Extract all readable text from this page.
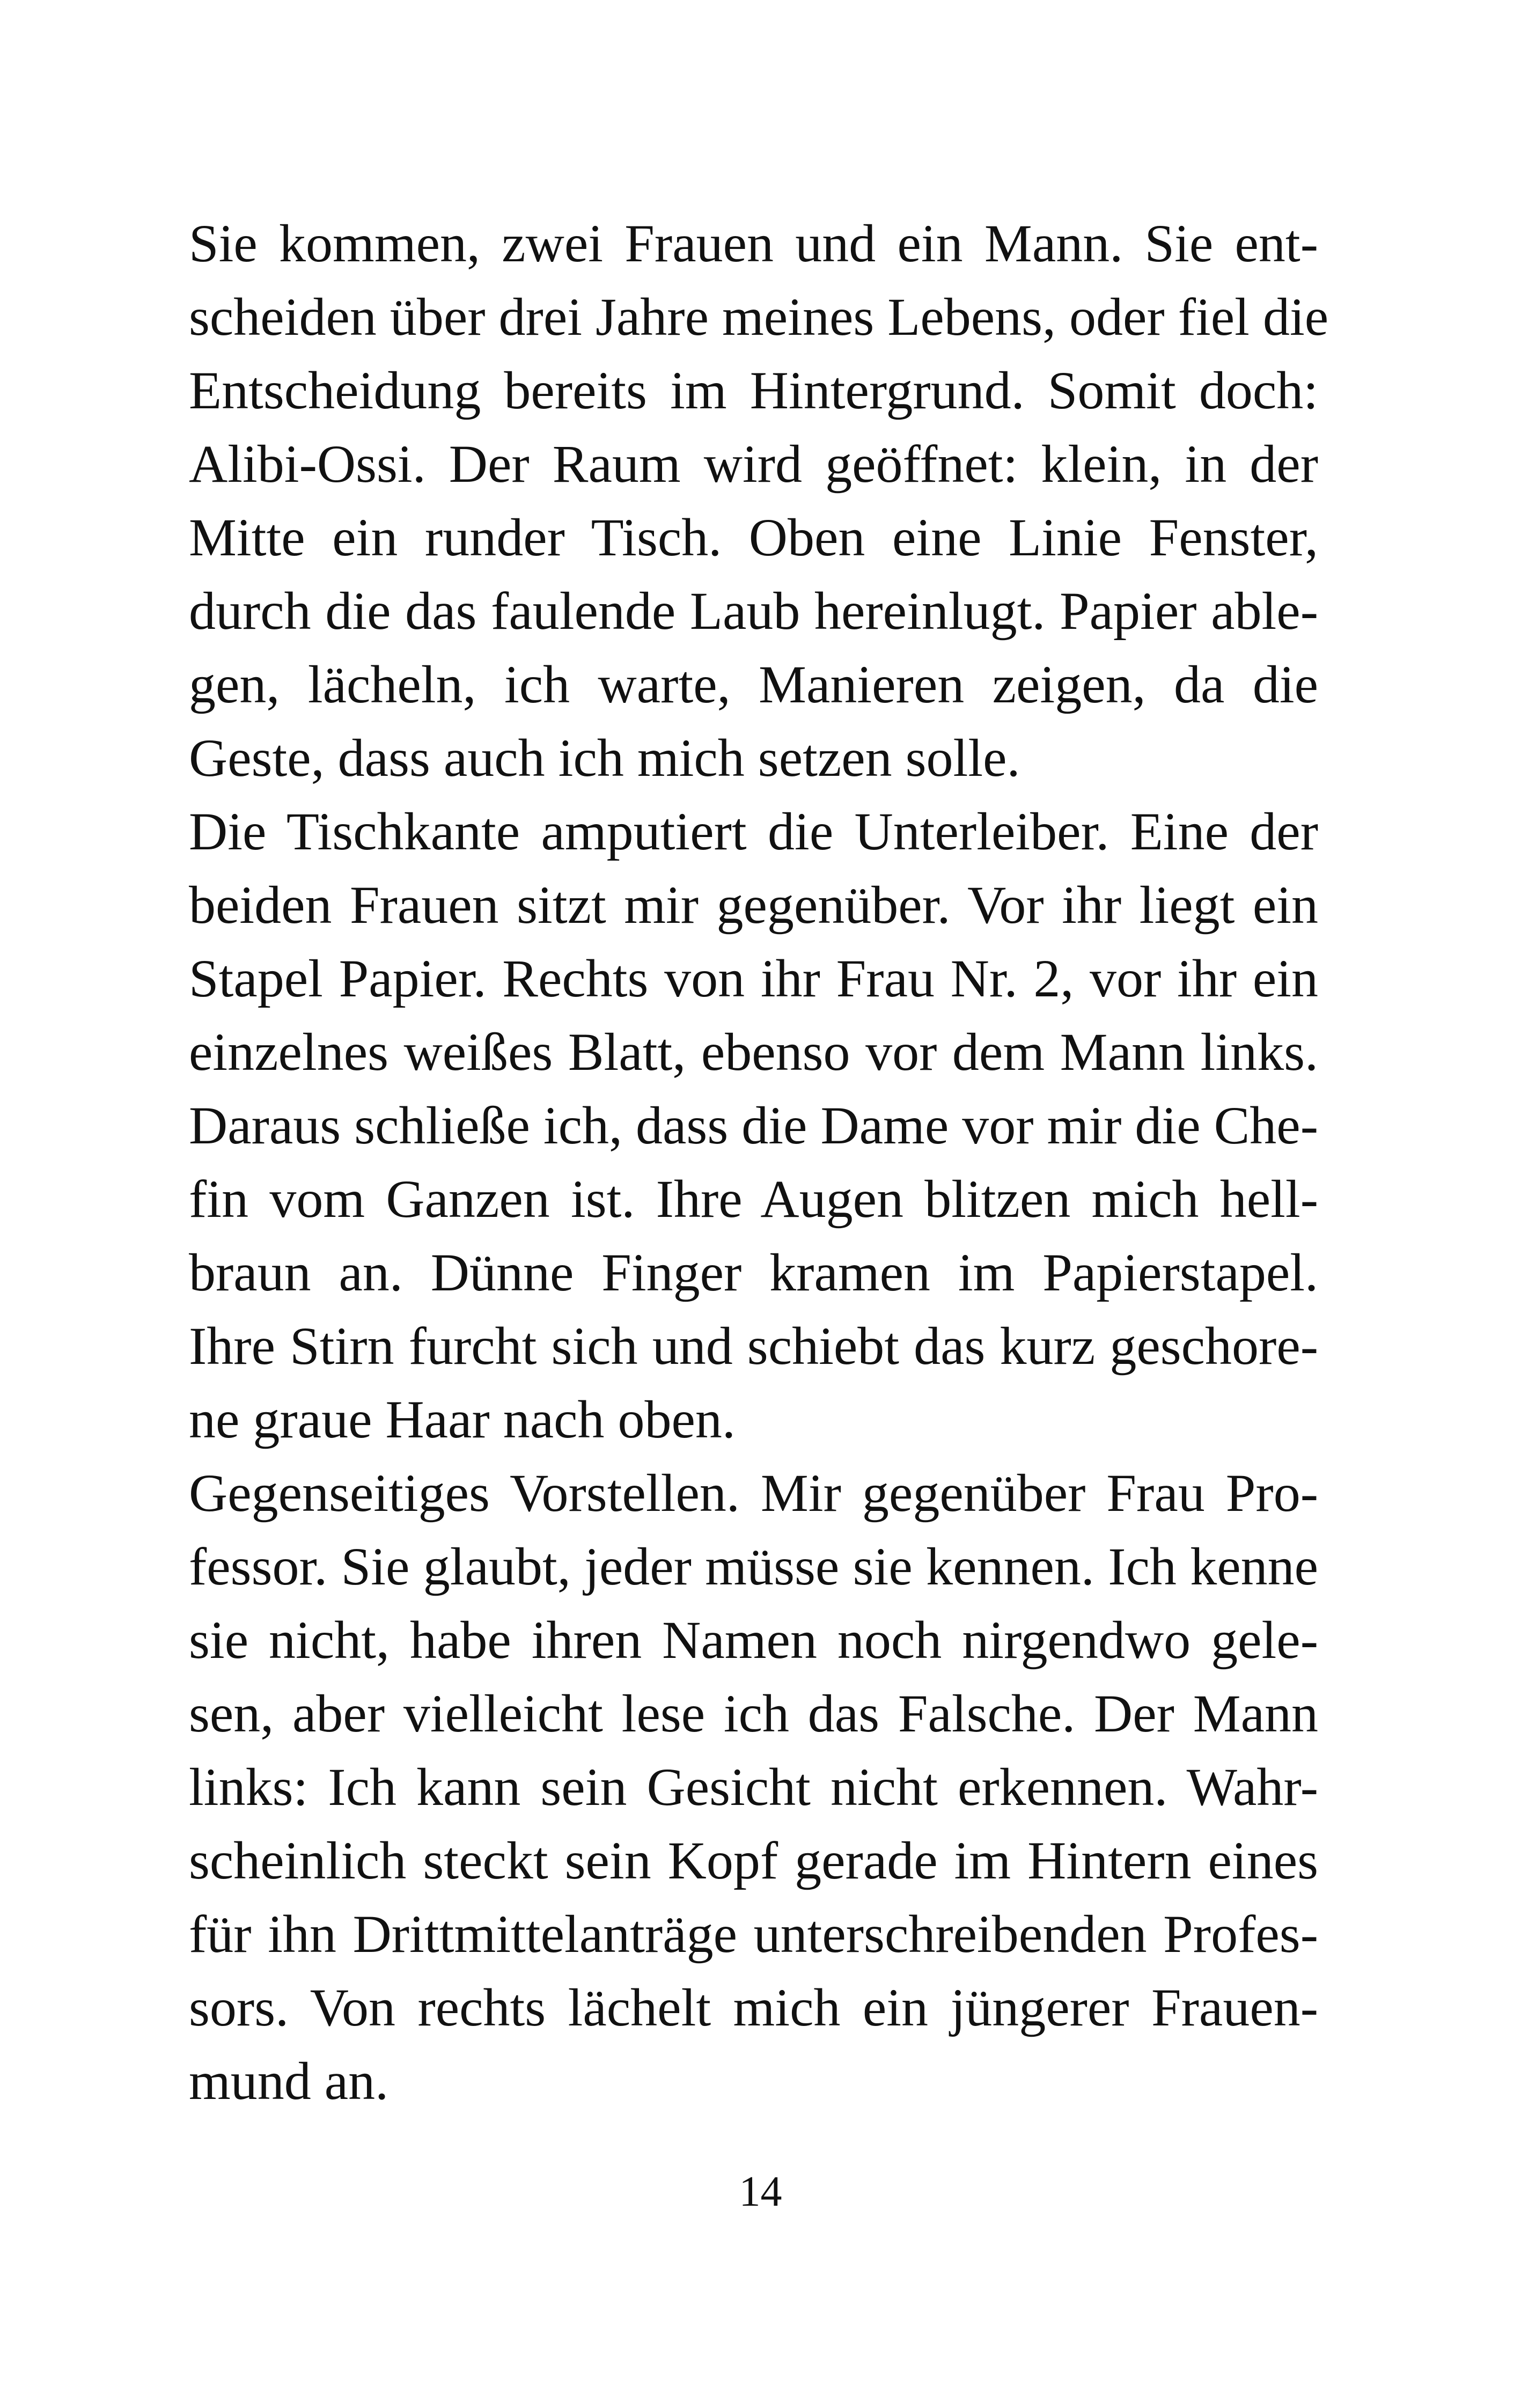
Sie kommen, zwei Frauen und ein Mann. Sie ent-
scheiden über drei Jahre meines Lebens, oder fiel die
Entscheidung bereits im Hintergrund. Somit doch:
Alibi-Ossi. Der Raum wird geöffnet: klein, in der
Mitte ein runder Tisch. Oben eine Linie Fenster,
durch die das faulende Laub hereinlugt. Papier able-
gen, lächeln, ich warte, Manieren zeigen, da die
Geste, dass auch ich mich setzen solle.
Die Tischkante amputiert die Unterleiber. Eine der
beiden Frauen sitzt mir gegenüber. Vor ihr liegt ein
Stapel Papier. Rechts von ihr Frau Nr. 2, vor ihr ein
einzelnes weißes Blatt, ebenso vor dem Mann links.
Daraus schließe ich, dass die Dame vor mir die Che-
fin vom Ganzen ist. Ihre Augen blitzen mich hell-
braun an. Dünne Finger kramen im Papierstapel.
Ihre Stirn furcht sich und schiebt das kurz geschore-
ne graue Haar nach oben.
Gegenseitiges Vorstellen. Mir gegenüber Frau Pro-
fessor. Sie glaubt, jeder müsse sie kennen. Ich kenne
sie nicht, habe ihren Namen noch nirgendwo gele-
sen, aber vielleicht lese ich das Falsche. Der Mann
links: Ich kann sein Gesicht nicht erkennen. Wahr-
scheinlich steckt sein Kopf gerade im Hintern eines
für ihn Drittmittelanträge unterschreibenden Profes-
sors. Von rechts lächelt mich ein jüngerer Frauen-
mund an.
14
